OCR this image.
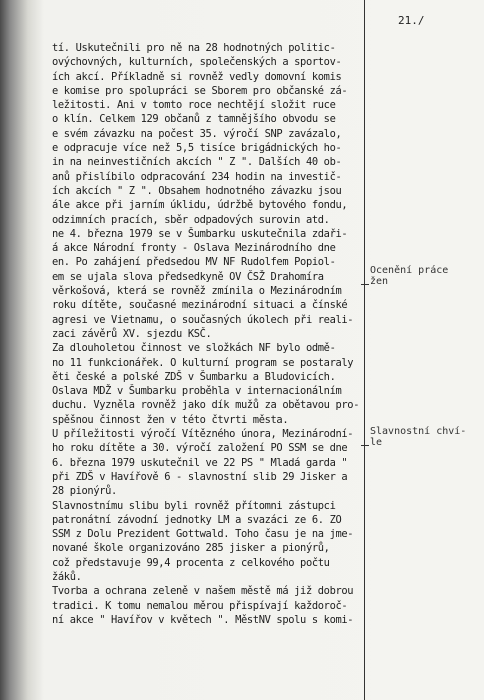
21./
tí. Uskutečnili pro ně na 28 hodnotných politic-
ovýchovných, kulturních, společenských a sportov-
ích akcí. Příkladně si rovněž vedly domovní komis
e komise pro spolupráci se Sborem pro občanské zá-
ležitosti. Ani v tomto roce nechtějí složit ruce
o klín. Celkem 129 občanů z tamnějšího obvodu se
e svém závazku na počest 35. výročí SNP zavázalo,
e odpracuje více než 5,5 tisíce brigádnických ho-
in na neinvestičních akcích " Z ". Dalších 40 ob-
anů přislíbilo odpracování 234 hodin na investič-
ích akcích " Z ". Obsahem hodnotného závazku jsou
ále akce při jarním úklidu, údržbě bytového fondu,
odzimních pracích, sběr odpadových surovin atd.
ne 4. března 1979 se v Šumbarku uskutečnila zdaři-
á akce Národní fronty - Oslava Mezinárodního dne
en. Po zahájení předsedou MV NF Rudolfem Popiol-
em se ujala slova předsedkyně OV ČSŽ Drahomíra
věrkošová, která se rovněž zmínila o Mezinárodním
roku dítěte, současné mezinárodní situaci a čínské
agresi ve Vietnamu, o současných úkolech při reali-
zaci závěrů XV. sjezdu KSČ.
Za dlouholetou činnost ve složkách NF bylo odmě-
no 11 funkcionářek. O kulturní program se postaraly
ěti české a polské ZDŠ v Šumbarku a Bludovicích.
Oslava MDŽ v Šumbarku proběhla v internacionálním
duchu. Vyzněla rovněž jako dík mužů za obětavou pro-
spěšnou činnost žen v této čtvrti města.
U příležitosti výročí Vítězného února, Mezinárodní-
ho roku dítěte a 30. výročí založení PO SSM se dne
6. března 1979 uskutečnil ve 22 PS " Mladá garda "
při ZDŠ v Havířově 6 - slavnostní slib 29 Jisker a
28 pionýrů.
Slavnostnímu slibu byli rovněž přítomni zástupci
patronátní závodní jednotky LM a svazáci ze 6. ZO
SSM z Dolu Prezident Gottwald. Toho času je na jme-
nované škole organizováno 285 jisker a pionýrů,
což představuje 99,4 procenta z celkového počtu
žáků.
Tvorba a ochrana zeleně v našem městě má již dobrou
tradici. K tomu nemalou měrou přispívají každoroč-
ní akce " Havířov v květech ". MěstNV spolu s komi-
Ocenění práce
žen
Slavnostní chví-
le
